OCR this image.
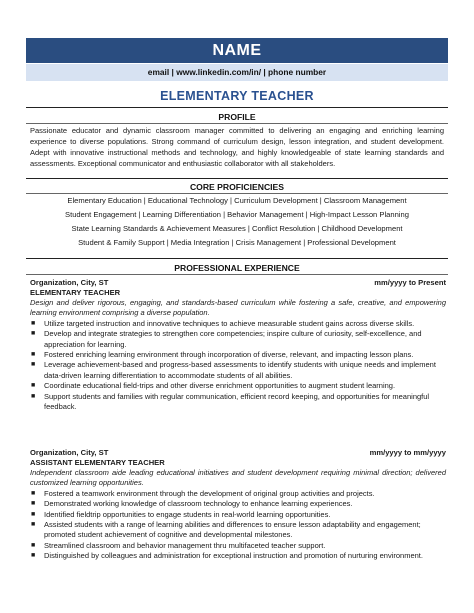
NAME
email | www.linkedin.com/in/ | phone number
ELEMENTARY TEACHER
PROFILE
Passionate educator and dynamic classroom manager committed to delivering an engaging and enriching learning experience to diverse populations. Strong command of curriculum design, lesson integration, and student development. Adept with innovative instructional methods and technology, and highly knowledgeable of state learning standards and assessments. Exceptional communicator and enthusiastic collaborator with all stakeholders.
CORE PROFICIENCIES
Elementary Education | Educational Technology | Curriculum Development | Classroom Management
Student Engagement | Learning Differentiation | Behavior Management | High-Impact Lesson Planning
State Learning Standards & Achievement Measures | Conflict Resolution | Childhood Development
Student & Family Support | Media Integration | Crisis Management | Professional Development
PROFESSIONAL EXPERIENCE
Organization, City, ST	mm/yyyy to Present
ELEMENTARY TEACHER
Design and deliver rigorous, engaging, and standards-based curriculum while fostering a safe, creative, and empowering learning environment comprising a diverse population.
■ Utilize targeted instruction and innovative techniques to achieve measurable student gains across diverse skills.
■ Develop and integrate strategies to strengthen core competencies; inspire culture of curiosity, self-excellence, and appreciation for learning.
■ Fostered enriching learning environment through incorporation of diverse, relevant, and impacting lesson plans.
■ Leverage achievement-based and progress-based assessments to identify students with unique needs and implement data-driven learning differentiation to accommodate students of all abilities.
■ Coordinate educational field-trips and other diverse enrichment opportunities to augment student learning.
■ Support students and families with regular communication, efficient record keeping, and opportunities for meaningful feedback.
Organization, City, ST	mm/yyyy to mm/yyyy
ASSISTANT ELEMENTARY TEACHER
Independent classroom aide leading educational initiatives and student development requiring minimal direction; delivered customized learning opportunities.
■ Fostered a teamwork environment through the development of original group activities and projects.
■ Demonstrated working knowledge of classroom technology to enhance learning experiences.
■ Identified fieldtrip opportunities to engage students in real-world learning opportunities.
■ Assisted students with a range of learning abilities and differences to ensure lesson adaptability and engagement; promoted student achievement of cognitive and developmental milestones.
■ Streamlined classroom and behavior management thru multifaceted teacher support.
■ Distinguished by colleagues and administration for exceptional instruction and promotion of nurturing environment.
